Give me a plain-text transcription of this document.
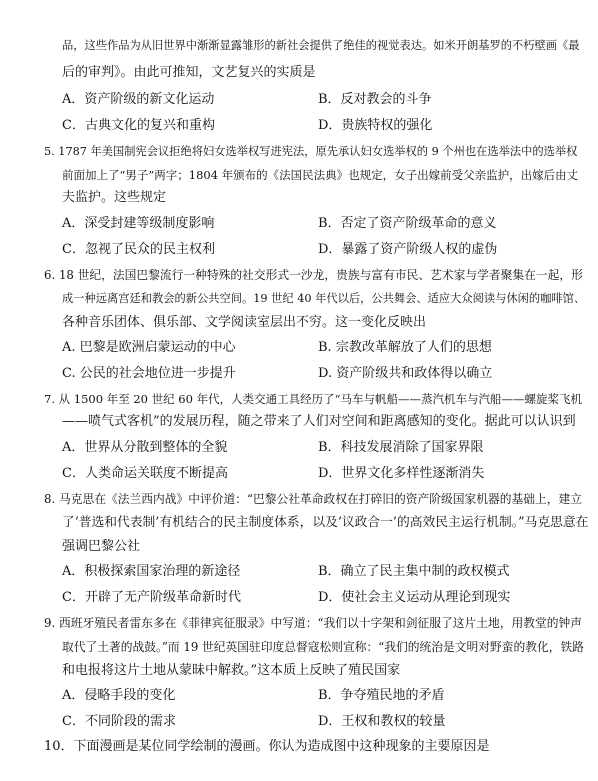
品，这些作品为从旧世界中渐渐显露雏形的新社会提供了绝佳的视觉表达。如米开朗基罗的不朽壁画《最
后的审判》。由此可推知，文艺复兴的实质是
A．资产阶级的新文化运动	B．反对教会的斗争
C．古典文化的复兴和重构	D．贵族特权的强化
5. 1787 年美国制宪会议拒绝将妇女选举权写进宪法，原先承认妇女选举权的 9 个州也在选举法中的选举权
前面加上了“男子”两字；1804 年颁布的《法国民法典》也规定，女子出嫁前受父亲监护，出嫁后由丈
夫监护。这些规定
A．深受封建等级制度影响	B．否定了资产阶级革命的意义
C．忽视了民众的民主权利	D．暴露了资产阶级人权的虚伪
6. 18 世纪，法国巴黎流行一种特殊的社交形式一沙龙，贵族与富有市民、艺术家与学者聚集在一起，形
成一种远离宫廷和教会的新公共空间。19 世纪 40 年代以后，公共舞会、适应大众阅读与休闲的咖啡馆、
各种音乐团体、俱乐部、文学阅读室层出不穷。这一变化反映出
A. 巴黎是欧洲启蒙运动的中心	B. 宗教改革解放了人们的思想
C. 公民的社会地位进一步提升	D. 资产阶级共和政体得以确立
7. 从 1500 年至 20 世纪 60 年代，人类交通工具经历了“马车与帆船——蒸汽机车与汽船——螺旋桨飞机
——喷气式客机”的发展历程，随之带来了人们对空间和距离感知的变化。据此可以认识到
A．世界从分散到整体的全貌	B．科技发展消除了国家界限
C．人类命运关联度不断提高	D．世界文化多样性逐渐消失
8. 马克思在《法兰西内战》中评价道：“巴黎公社革命政权在打碎旧的资产阶级国家机器的基础上，建立
了‘普选和代表制’有机结合的民主制度体系，以及‘议政合一’的高效民主运行机制。”马克思意在
强调巴黎公社
A．积极探索国家治理的新途径	B．确立了民主集中制的政权模式
C．开辟了无产阶级革命新时代	D．使社会主义运动从理论到现实
9. 西班牙殖民者雷东多在《菲律宾征服录》中写道：“我们以十字架和剑征服了这片土地，用教堂的钟声
取代了土著的战鼓。”而 19 世纪英国驻印度总督寇松则宣称：“我们的统治是文明对野蛮的教化，铁路
和电报将这片土地从蒙昧中解救。”这本质上反映了殖民国家
A．侵略手段的变化	B．争夺殖民地的矛盾
C．不同阶段的需求	D．王权和教权的较量
10．下面漫画是某位同学绘制的漫画。你认为造成图中这种现象的主要原因是
